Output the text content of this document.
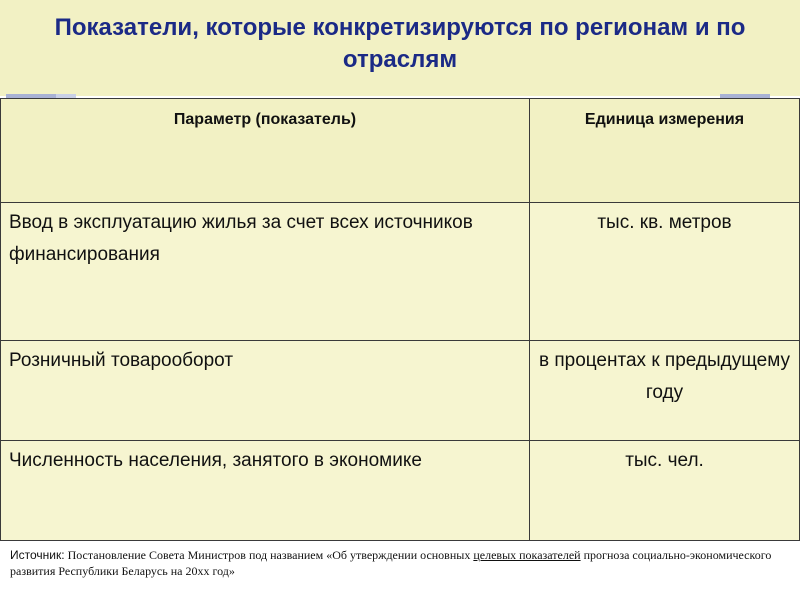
Показатели, которые конкретизируются по регионам и по отраслям
Параметр (показатель)	Единица измерения

Ввод в эксплуатацию жилья за счет всех источников финансирования	тыс. кв. метров

Розничный товарооборот	в процентах к предыдущему году

Численность населения, занятого в экономике	тыс. чел.
Источник: Постановление Совета Министров под названием «Об утверждении основных целевых показателей прогноза социально-экономического развития Республики Беларусь на 20хх год»
